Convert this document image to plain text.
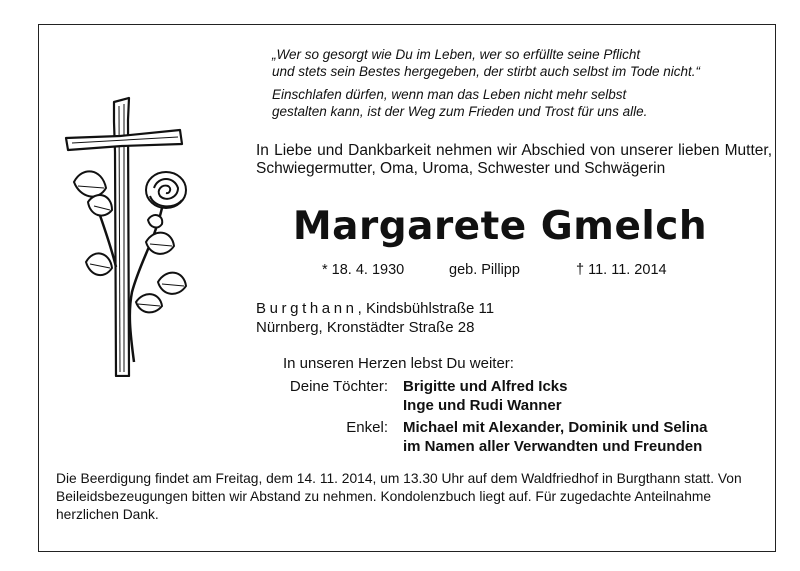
„Wer so gesorgt wie Du im Leben, wer so erfüllte seine Pflicht
und stets sein Bestes hergegeben, der stirbt auch selbst im Tode nicht.“
Einschlafen dürfen, wenn man das Leben nicht mehr selbst
gestalten kann, ist der Weg zum Frieden und Trost für uns alle.
In Liebe und Dankbarkeit nehmen wir Abschied von unserer lieben Mutter, Schwiegermutter, Oma, Uroma, Schwester und Schwägerin
Margarete Gmelch
* 18. 4. 1930	geb. Pillipp	† 11. 11. 2014
Burgthann, Kindsbühlstraße 11
Nürnberg, Kronstädter Straße 28
In unseren Herzen lebst Du weiter:
Deine Töchter: Brigitte und Alfred Icks
Inge und Rudi Wanner
Enkel: Michael mit Alexander, Dominik und Selina
im Namen aller Verwandten und Freunden
Die Beerdigung findet am Freitag, dem 14. 11. 2014, um 13.30 Uhr auf dem Waldfriedhof in Burgthann statt. Von Beileidsbezeugungen bitten wir Abstand zu nehmen. Kondolenzbuch liegt auf. Für zugedachte Anteilnahme herzlichen Dank.
